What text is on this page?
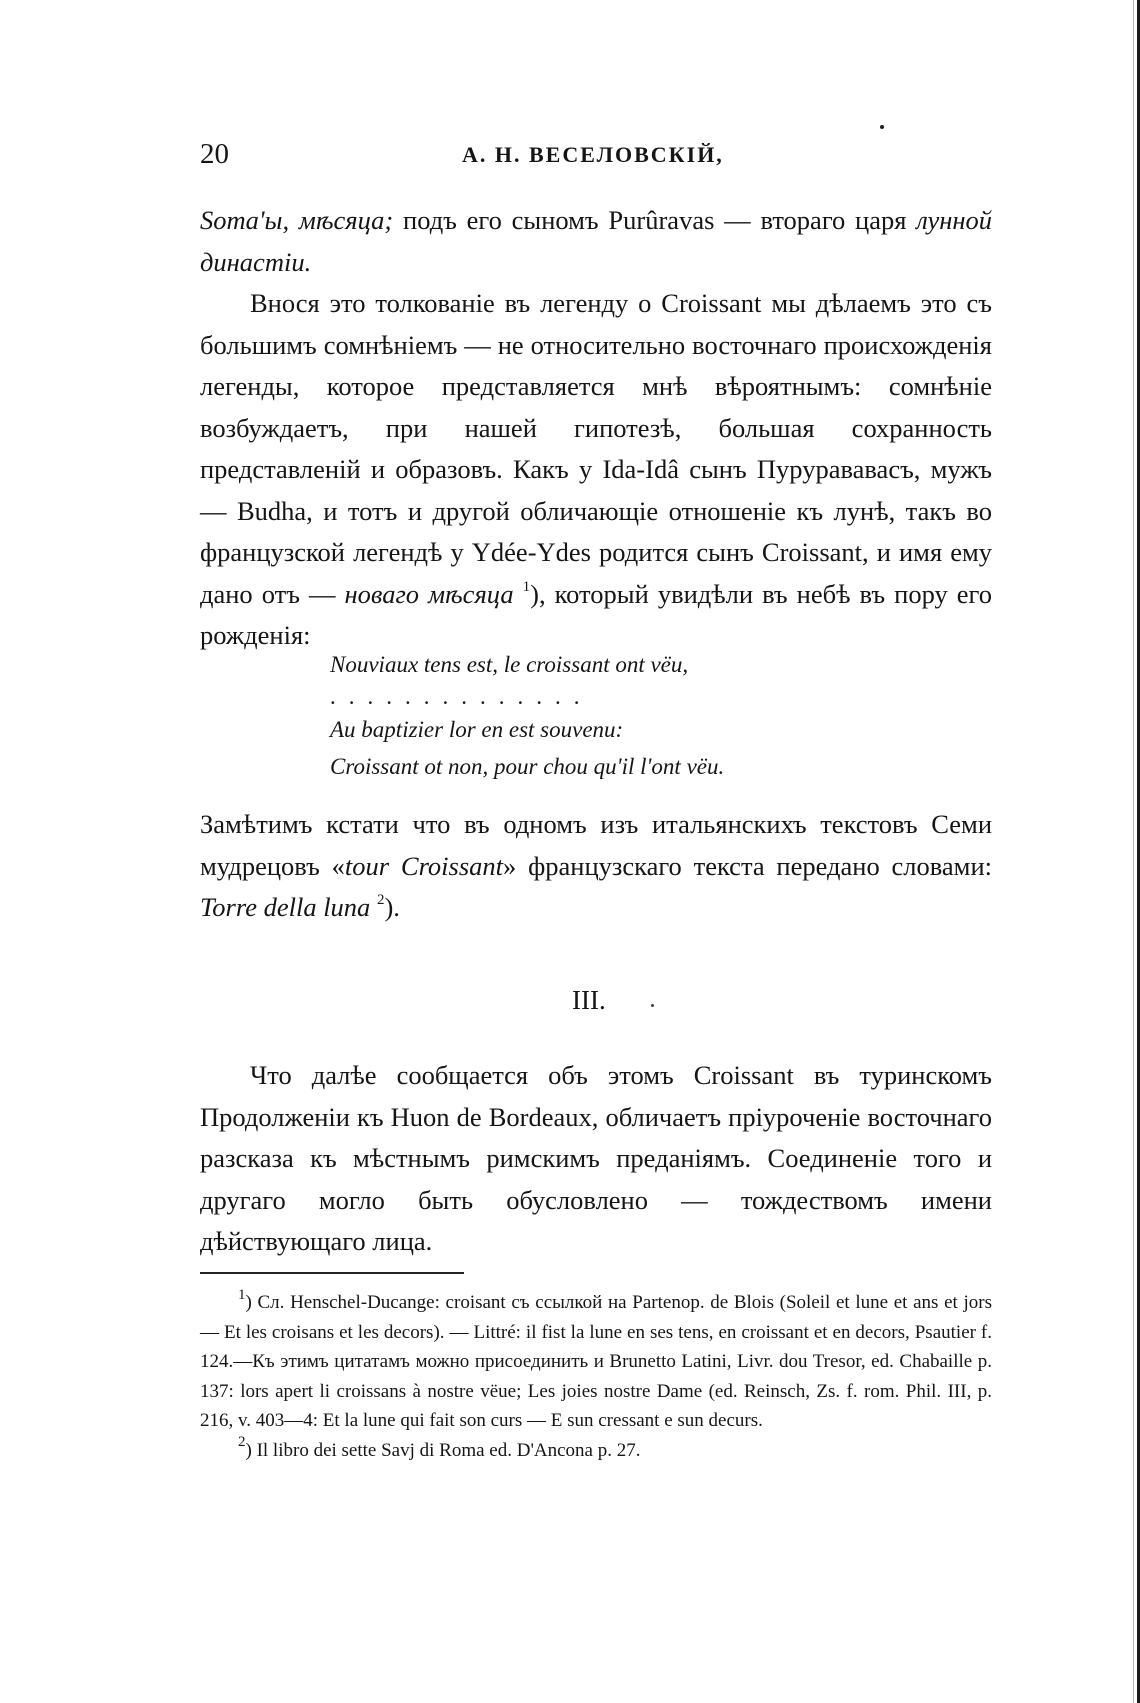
20	А. Н. ВЕСЕЛОВСКІЙ,

Soma'ы, мѣсяца; подъ его сыномъ Purûravas — втораго царя лунной династіи.

Внося это толкованіе въ легенду о Croissant мы дѣлаемъ это съ большимъ сомнѣніемъ — не относительно восточнаго происхожденія легенды, которое представляется мнѣ вѣроятнымъ: сомнѣніе возбуждаетъ, при нашей гипотезѣ, большая сохранность представленій и образовъ. Какъ у Ida-Idâ сынъ Пурурававасъ, мужъ — Budha, и тотъ и другой обличающіе отношеніе къ лунѣ, такъ во французской легендѣ у Ydée-Ydes родится сынъ Croissant, и имя ему дано отъ — новаго мѣсяца $^1$), который увидѣли въ небѣ въ пору его рожденія:

Nouviaux tens est, le croissant ont vëu,
..............
Au baptizier lor en est souvenu:
Croissant ot non, pour chou qu'il l'ont vëu.

Замѣтимъ кстати что въ одномъ изъ итальянскихъ текстовъ Семи мудрецовъ «tour Croissant» французскаго текста передано словами: Torre della luna $^2$).

III.

Что далѣе сообщается объ этомъ Croissant въ туринскомъ Продолженіи къ Huon de Bordeaux, обличаетъ пріуроченіе восточнаго разсказа къ мѣстнымъ римскимъ преданіямъ. Соединеніе того и другаго могло быть обусловлено — тождествомъ имени дѣйствующаго лица.

$^1$) Сл. Henschel-Ducange: croisant съ ссылкой на Partenop. de Blois (Soleil et lune et ans et jors — Et les croisans et les decors). — Littré: il fist la lune en ses tens, en croissant et en decors, Psautier f. 124.—Къ этимъ цитатамъ можно присоединить и Brunetto Latini, Livr. dou Tresor, ed. Chabaille p. 137: lors apert li croissans à nostre vëue; Les joies nostre Dame (ed. Reinsch, Zs. f. rom. Phil. III, p. 216, v. 403—4: Et la lune qui fait son curs — E sun cressant e sun decurs.

$^2$) Il libro dei sette Savj di Roma ed. D'Ancona p. 27.
